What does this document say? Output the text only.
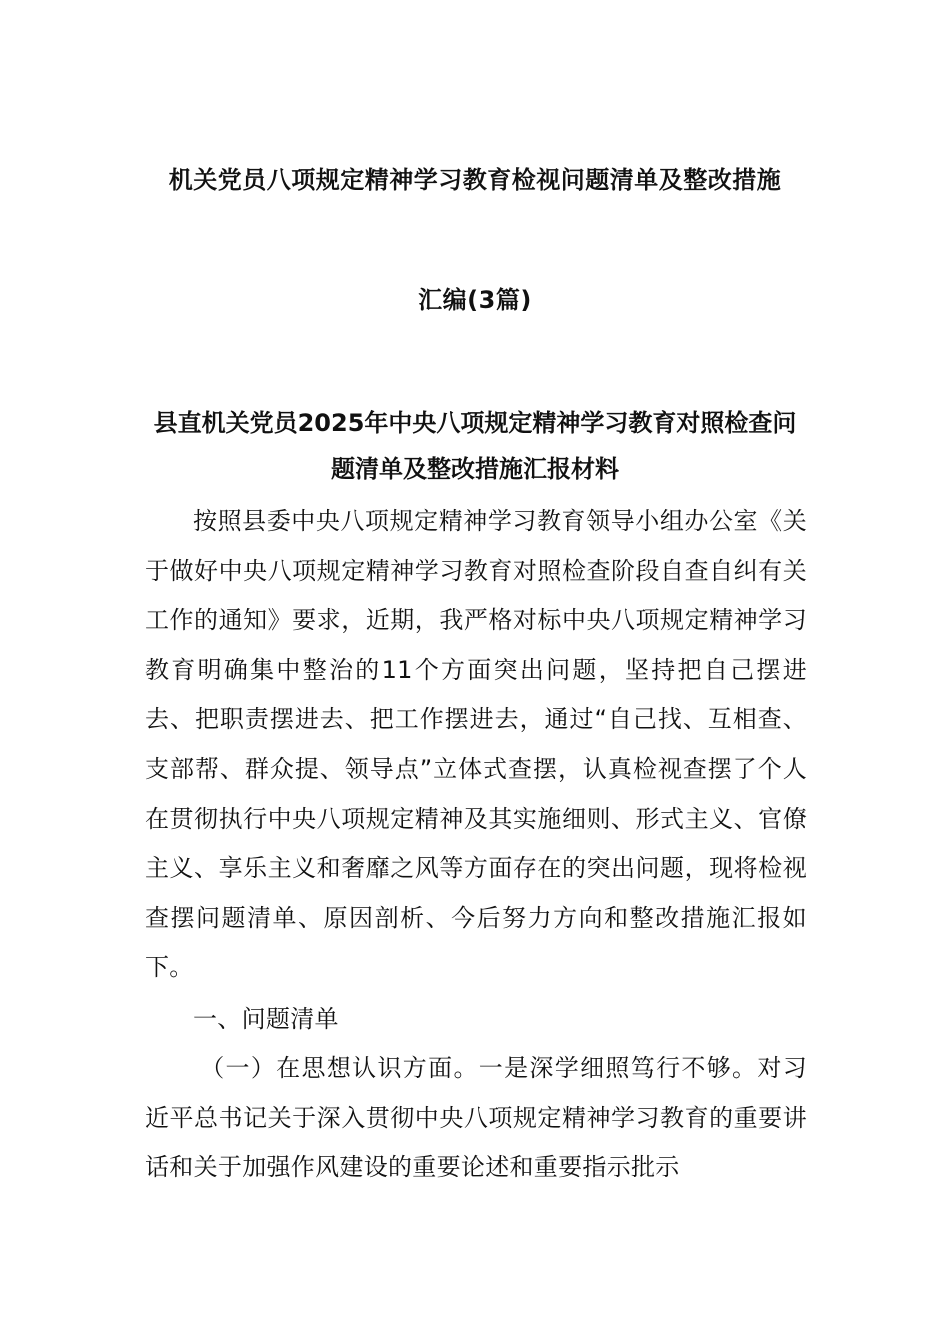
机关党员八项规定精神学习教育检视问题清单及整改措施
汇编(3篇)
县直机关党员2025年中央八项规定精神学习教育对照检查问题清单及整改措施汇报材料

按照县委中央八项规定精神学习教育领导小组办公室《关于做好中央八项规定精神学习教育对照检查阶段自查自纠有关工作的通知》要求，近期，我严格对标中央八项规定精神学习教育明确集中整治的11个方面突出问题，坚持把自己摆进去、把职责摆进去、把工作摆进去，通过“自己找、互相查、支部帮、群众提、领导点”立体式查摆，认真检视查摆了个人在贯彻执行中央八项规定精神及其实施细则、形式主义、官僚主义、享乐主义和奢靡之风等方面存在的突出问题，现将检视查摆问题清单、原因剖析、今后努力方向和整改措施汇报如下。

一、问题清单

（一）在思想认识方面。一是深学细照笃行不够。对习近平总书记关于深入贯彻中央八项规定精神学习教育的重要讲话和关于加强作风建设的重要论述和重要指示批示
